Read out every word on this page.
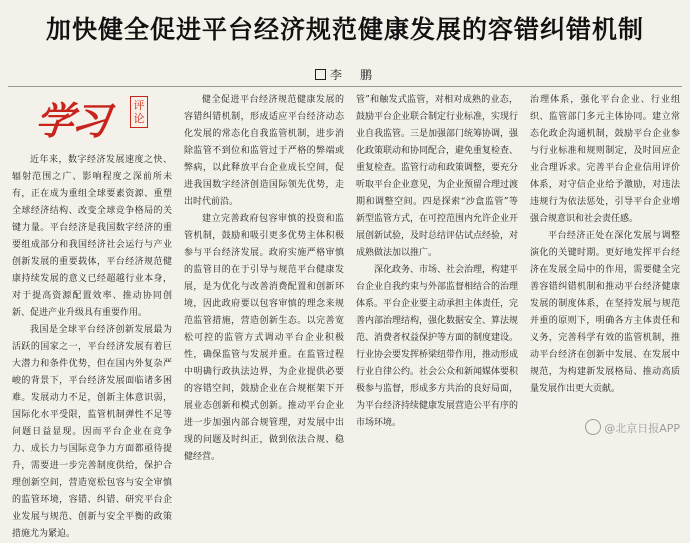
加快健全促进平台经济规范健康发展的容错纠错机制
李　鹏
学习	评论

近年来，数字经济发展速度之快、辐射范围之广、影响程度之深前所未有，正在成为重组全球要素资源、重塑全球经济结构、改变全球竞争格局的关键力量。平台经济是我国数字经济的重要组成部分和我国经济社会运行与产业创新发展的重要载体，平台经济规范健康持续发展的意义已经超越行业本身，对于提高资源配置效率、推动协同创新、促进产业升级具有重要作用。

我国是全球平台经济创新发展最为活跃的国家之一，平台经济发展有着巨大潜力和条件优势，但在国内外复杂严峻的背景下，平台经济发展面临诸多困难。发展动力不足，创新主体意识弱，国际化水平受限，监管机制弹性不足等问题日益显现。因而平台企业在竞争力、成长力与国际竞争力方面都亟待提升，需要进一步完善制度供给，保护合理创新空间，营造宽松包容与安全审慎的监管环境，容错、纠错、研究平台企业发展与规范、创新与安全平衡的政策措施尤为紧迫。

健全促进平台经济规范健康发展的容错纠错机制，形成适应平台经济动态化发展的常态化自我监管机制，进步消除监管不到位和监管过于严格的弊端或弊病，以此释放平台企业成长空间，促进我国数字经济创造国际领先优势，走出时代前沿。

建立完善政府包容审慎的投资和监管机制，鼓励和吸引更多优势主体积极参与平台经济发展。政府实施严格审慎的监管目的在于引导与规范平台健康发展，是为优化与改善消费配置和创新环境，因此政府要以包容审慎的理念来规范监管措施，营造创新生态。以完善宽松可控的监管方式调动平台企业积极性，确保监管与发展并重。在监管过程中明确行政执法边界，为企业提供必要的容错空间，鼓励企业在合规框架下开展业态创新和模式创新。推动平台企业进一步加强内部合规管理，对发展中出现的问题及时纠正，做到依法合规、稳健经营。

管”和触发式监管，对相对成熟的业态，鼓励平台企业联合制定行业标准，实现行业自我监管。三是加强部门统筹协调，强化政策联动和协同配合，避免重复检查、重复检查。监管行动和政策调整，要充分听取平台企业意见，为企业预留合理过渡期和调整空间。四是探索“沙盒监管”等新型监管方式，在可控范围内允许企业开展创新试验，及时总结评估试点经验，对成熟做法加以推广。

深化政务、市场、社会治理，构建平台企业自我约束与外部监督相结合的治理体系。平台企业要主动承担主体责任，完善内部治理结构，强化数据安全、算法规范、消费者权益保护等方面的制度建设。行业协会要发挥桥梁纽带作用，推动形成行业自律公约。社会公众和新闻媒体要积极参与监督，形成多方共治的良好局面，为平台经济持续健康发展营造公平有序的市场环境。

治理体系，强化平台企业、行业组织、监管部门多元主体协同。建立常态化政企沟通机制，鼓励平台企业参与行业标准和规则制定，及时回应企业合理诉求。完善平台企业信用评价体系，对守信企业给予激励，对违法违规行为依法惩处，引导平台企业增强合规意识和社会责任感。

平台经济正处在深化发展与调整演化的关键时期。更好地发挥平台经济在发展全局中的作用，需要健全完善容错纠错机制和推动平台经济健康发展的制度体系，在坚持发展与规范并重的原则下，明确各方主体责任和义务，完善科学有效的监管机制，推动平台经济在创新中发展、在发展中规范，为构建新发展格局、推动高质量发展作出更大贡献。

@北京日报APP
